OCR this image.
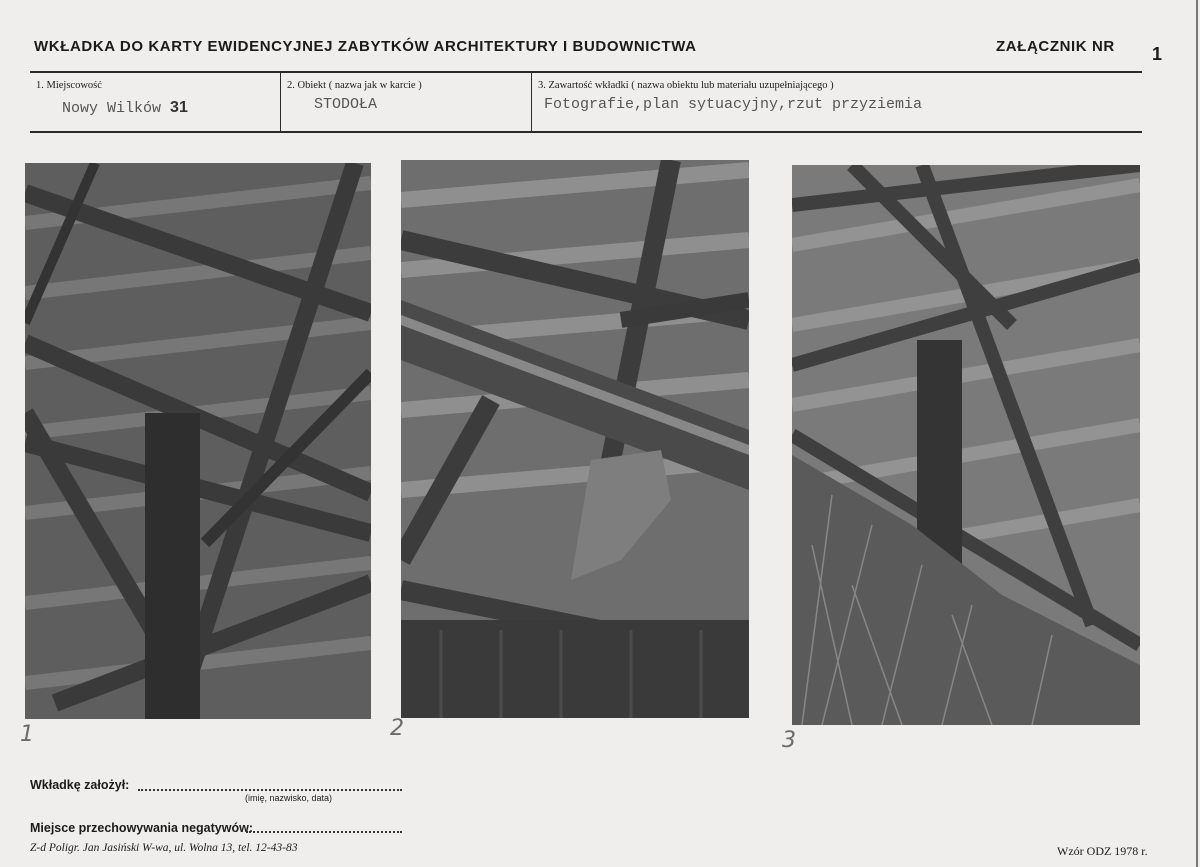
WKŁADKA DO KARTY EWIDENCYJNEJ ZABYTKÓW ARCHITEKTURY I BUDOWNICTWA	ZAŁĄCZNIK NR 1
1. Miejscowość	2. Obiekt ( nazwa jak w karcie )	3. Zawartość wkładki ( nazwa obiektu lub materiału uzupełniającego )
Nowy Wilków 31	STODOŁA	Fotografie,plan sytuacyjny,rzut przyziemia
1	2	3
Wkładkę założył:
(imię, nazwisko, data)
Miejsce przechowywania negatywów:
Z-d Poligr. Jan Jasiński W-wa, ul. Wolna 13, tel. 12-43-83	Wzór ODZ 1978 r.
